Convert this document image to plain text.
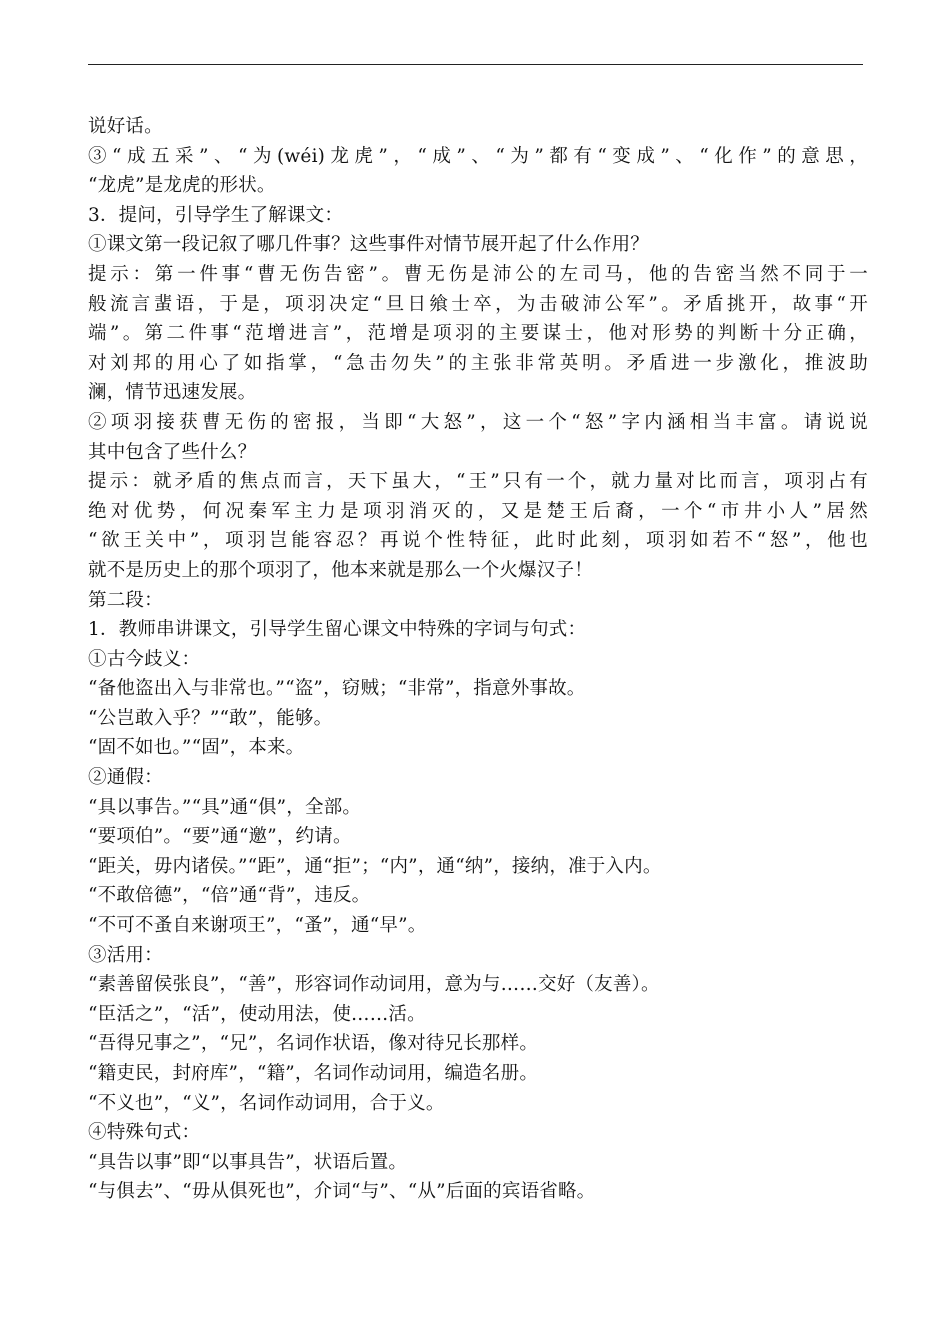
说好话。

③“成五采”、“为(wéi)龙虎”，“成”、“为”都有“变成”、“化作”的意思，

“龙虎”是龙虎的形状。

3．提问，引导学生了解课文：

①课文第一段记叙了哪几件事？这些事件对情节展开起了什么作用？

提示：第一件事“曹无伤告密”。曹无伤是沛公的左司马，他的告密当然不同于一

般流言蜚语，于是，项羽决定“旦日飨士卒，为击破沛公军”。矛盾挑开，故事“开

端”。第二件事“范增进言”，范增是项羽的主要谋士，他对形势的判断十分正确，

对刘邦的用心了如指掌，“急击勿失”的主张非常英明。矛盾进一步激化，推波助

澜，情节迅速发展。

②项羽接获曹无伤的密报，当即“大怒”，这一个“怒”字内涵相当丰富。请说说

其中包含了些什么？

提示：就矛盾的焦点而言，天下虽大，“王”只有一个，就力量对比而言，项羽占有

绝对优势，何况秦军主力是项羽消灭的，又是楚王后裔，一个“市井小人”居然

“欲王关中”，项羽岂能容忍？再说个性特征，此时此刻，项羽如若不“怒”，他也

就不是历史上的那个项羽了，他本来就是那么一个火爆汉子！

第二段：

1．教师串讲课文，引导学生留心课文中特殊的字词与句式：

①古今歧义：

“备他盗出入与非常也。”“盗”，窃贼；“非常”，指意外事故。

“公岂敢入乎？”“敢”，能够。

“固不如也。”“固”，本来。

②通假：

“具以事告。”“具”通“俱”，全部。

“要项伯”。“要”通“邀”，约请。

“距关，毋内诸侯。”“距”，通“拒”；“内”，通“纳”，接纳，准于入内。

“不敢倍德”，“倍”通“背”，违反。

“不可不蚤自来谢项王”，“蚤”，通“早”。

③活用：

“素善留侯张良”，“善”，形容词作动词用，意为与……交好（友善）。

“臣活之”，“活”，使动用法，使……活。

“吾得兄事之”，“兄”，名词作状语，像对待兄长那样。

“籍吏民，封府库”，“籍”，名词作动词用，编造名册。

“不义也”，“义”，名词作动词用，合于义。

④特殊句式：

“具告以事”即“以事具告”，状语后置。

“与俱去”、“毋从俱死也”，介词“与”、“从”后面的宾语省略。
